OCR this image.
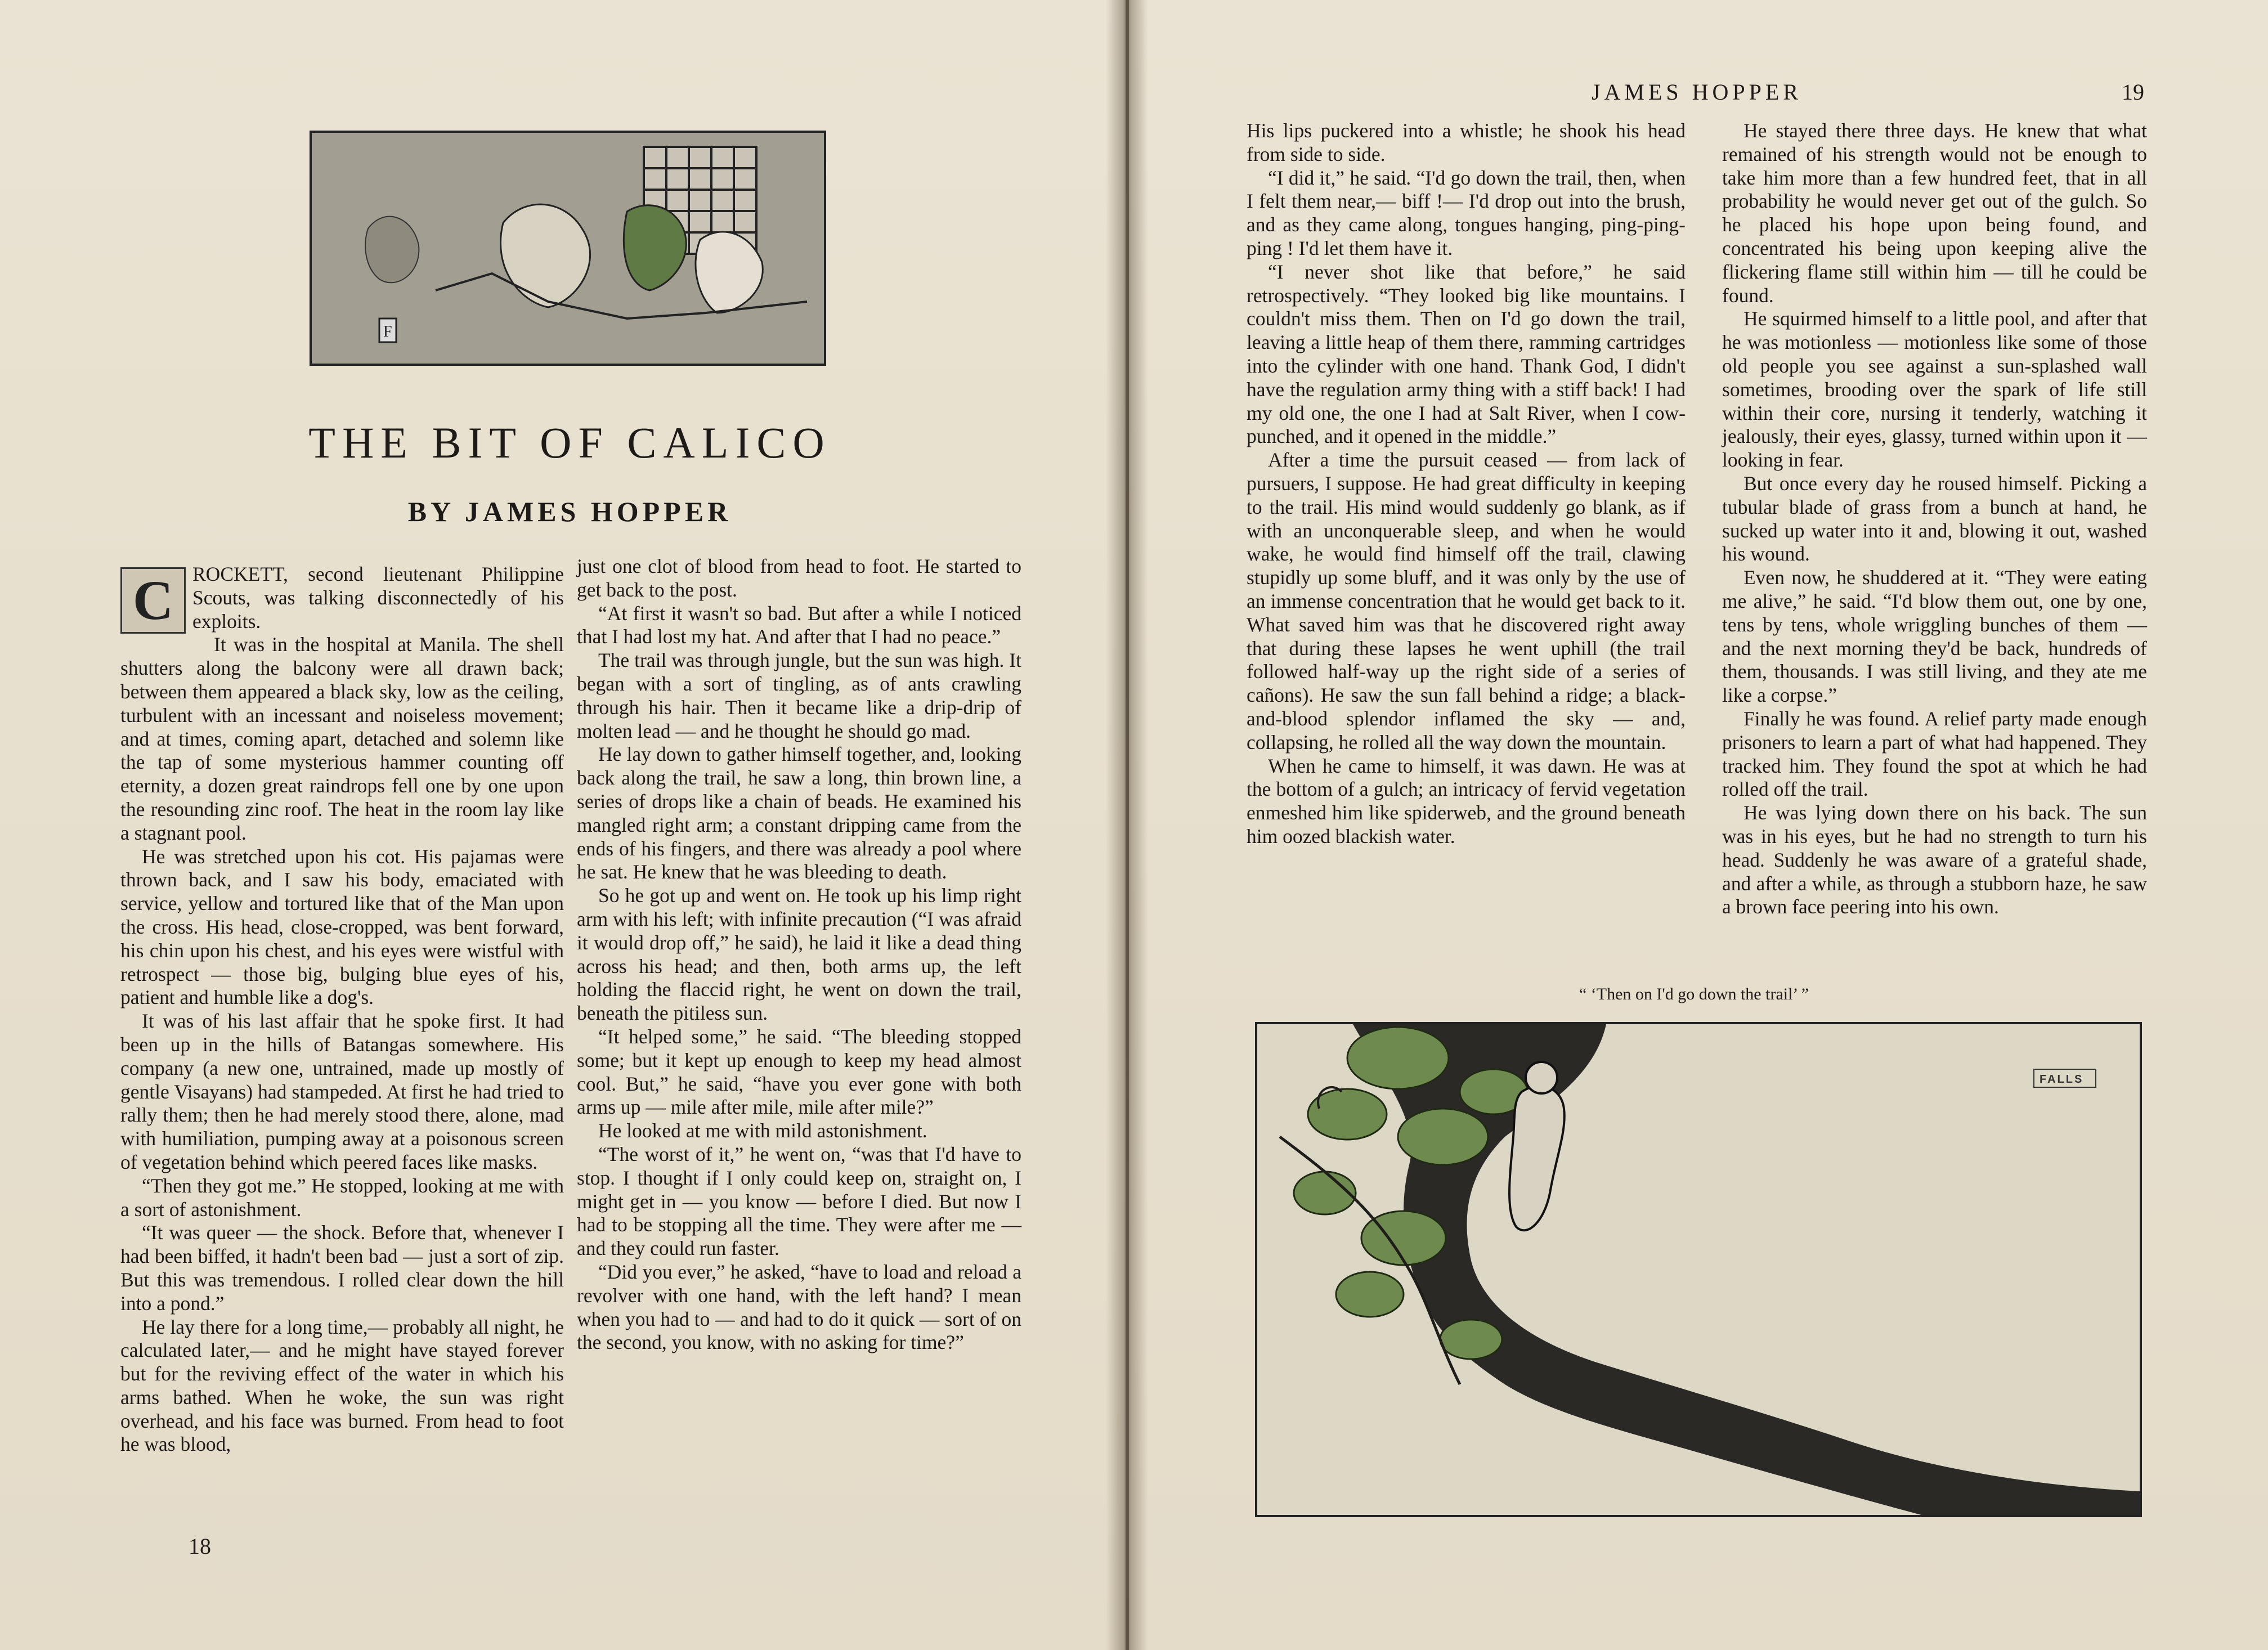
F
THE BIT OF CALICO
BY JAMES HOPPER
C ROCKETT, second lieutenant Philippine Scouts, was talking disconnectedly of his exploits.

It was in the hospital at Manila. The shell shutters along the balcony were all drawn back; between them appeared a black sky, low as the ceiling, turbulent with an incessant and noiseless movement; and at times, coming apart, detached and solemn like the tap of some mysterious hammer counting off eternity, a dozen great raindrops fell one by one upon the resounding zinc roof. The heat in the room lay like a stagnant pool.

He was stretched upon his cot. His pajamas were thrown back, and I saw his body, emaciated with service, yellow and tortured like that of the Man upon the cross. His head, close-cropped, was bent forward, his chin upon his chest, and his eyes were wistful with retrospect — those big, bulging blue eyes of his, patient and humble like a dog's.

It was of his last affair that he spoke first. It had been up in the hills of Batangas somewhere. His company (a new one, untrained, made up mostly of gentle Visayans) had stampeded. At first he had tried to rally them; then he had merely stood there, alone, mad with humiliation, pumping away at a poisonous screen of vegetation behind which peered faces like masks.

“Then they got me.” He stopped, looking at me with a sort of astonishment.

“It was queer — the shock. Before that, whenever I had been biffed, it hadn't been bad — just a sort of zip. But this was tremendous. I rolled clear down the hill into a pond.”

He lay there for a long time,— probably all night, he calculated later,— and he might have stayed forever but for the reviving effect of the water in which his arms bathed. When he woke, the sun was right overhead, and his face was burned. From head to foot he was blood,

just one clot of blood from head to foot. He started to get back to the post.

“At first it wasn't so bad. But after a while I noticed that I had lost my hat. And after that I had no peace.”

The trail was through jungle, but the sun was high. It began with a sort of tingling, as of ants crawling through his hair. Then it became like a drip-drip of molten lead — and he thought he should go mad.

He lay down to gather himself together, and, looking back along the trail, he saw a long, thin brown line, a series of drops like a chain of beads. He examined his mangled right arm; a constant dripping came from the ends of his fingers, and there was already a pool where he sat. He knew that he was bleeding to death.

So he got up and went on. He took up his limp right arm with his left; with infinite precaution (“I was afraid it would drop off,” he said), he laid it like a dead thing across his head; and then, both arms up, the left holding the flaccid right, he went on down the trail, beneath the pitiless sun.

“It helped some,” he said. “The bleeding stopped some; but it kept up enough to keep my head almost cool. But,” he said, “have you ever gone with both arms up — mile after mile, mile after mile?”

He looked at me with mild astonishment.

“The worst of it,” he went on, “was that I'd have to stop. I thought if I only could keep on, straight on, I might get in — you know — before I died. But now I had to be stopping all the time. They were after me — and they could run faster.

“Did you ever,” he asked, “have to load and reload a revolver with one hand, with the left hand? I mean when you had to — and had to do it quick — sort of on the second, you know, with no asking for time?”

18
JAMES HOPPER	19

His lips puckered into a whistle; he shook his head from side to side.

“I did it,” he said. “I'd go down the trail, then, when I felt them near,— biff !— I'd drop out into the brush, and as they came along, tongues hanging, ping-ping-ping ! I'd let them have it.

“I never shot like that before,” he said retrospectively. “They looked big like mountains. I couldn't miss them. Then on I'd go down the trail, leaving a little heap of them there, ramming cartridges into the cylinder with one hand. Thank God, I didn't have the regulation army thing with a stiff back! I had my old one, the one I had at Salt River, when I cow-punched, and it opened in the middle.”

After a time the pursuit ceased — from lack of pursuers, I suppose. He had great difficulty in keeping to the trail. His mind would suddenly go blank, as if with an unconquerable sleep, and when he would wake, he would find himself off the trail, clawing stupidly up some bluff, and it was only by the use of an immense concentration that he would get back to it. What saved him was that he discovered right away that during these lapses he went uphill (the trail followed half-way up the right side of a series of cañons). He saw the sun fall behind a ridge; a black-and-blood splendor inflamed the sky — and, collapsing, he rolled all the way down the mountain.

When he came to himself, it was dawn. He was at the bottom of a gulch; an intricacy of fervid vegetation enmeshed him like spiderweb, and the ground beneath him oozed blackish water.

He stayed there three days. He knew that what remained of his strength would not be enough to take him more than a few hundred feet, that in all probability he would never get out of the gulch. So he placed his hope upon being found, and concentrated his being upon keeping alive the flickering flame still within him — till he could be found.

He squirmed himself to a little pool, and after that he was motionless — motionless like some of those old people you see against a sun-splashed wall sometimes, brooding over the spark of life still within their core, nursing it tenderly, watching it jealously, their eyes, glassy, turned within upon it — looking in fear.

But once every day he roused himself. Picking a tubular blade of grass from a bunch at hand, he sucked up water into it and, blowing it out, washed his wound.

Even now, he shuddered at it. “They were eating me alive,” he said. “I'd blow them out, one by one, tens by tens, whole wriggling bunches of them — and the next morning they'd be back, hundreds of them, thousands. I was still living, and they ate me like a corpse.”

Finally he was found. A relief party made enough prisoners to learn a part of what had happened. They tracked him. They found the spot at which he had rolled off the trail.

He was lying down there on his back. The sun was in his eyes, but he had no strength to turn his head. Suddenly he was aware of a grateful shade, and after a while, as through a stubborn haze, he saw a brown face peering into his own.

“ ‘Then on I'd go down the trail’ ”
FALLS
